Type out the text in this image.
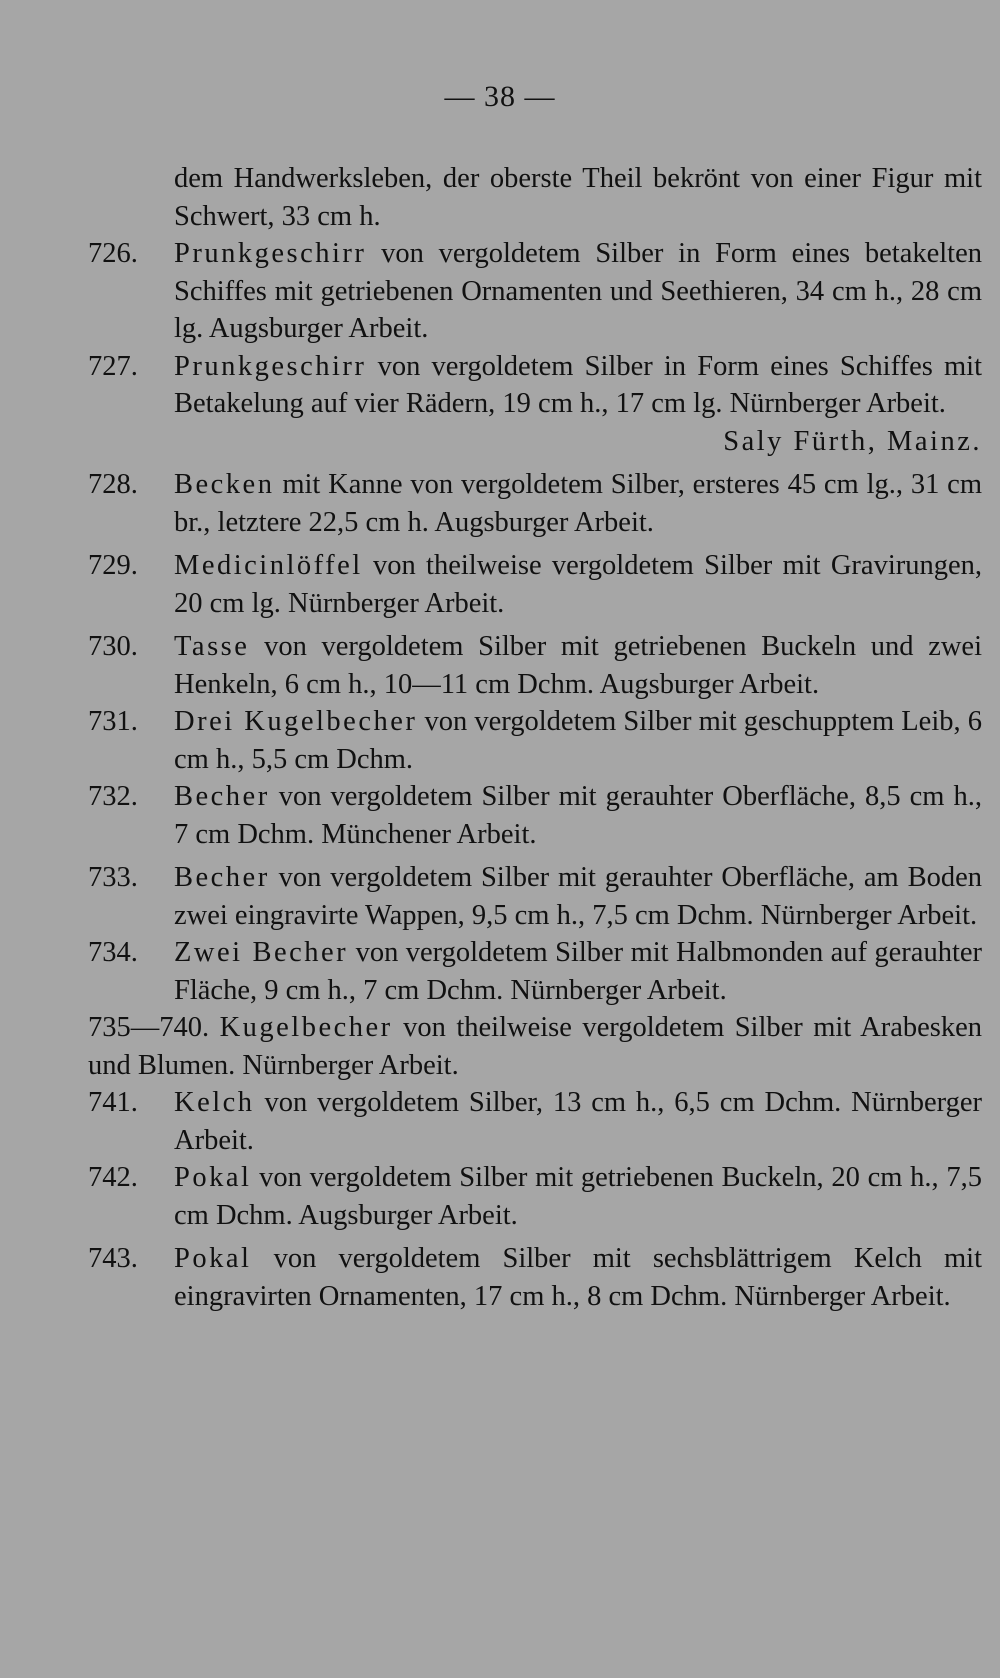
— 38 —
dem Handwerksleben, der oberste Theil bekrönt von einer Figur mit Schwert, 33 cm h.
726. Prunkgeschirr von vergoldetem Silber in Form eines betakelten Schiffes mit getriebenen Ornamenten und Seethieren, 34 cm h., 28 cm lg. Augsburger Arbeit.
727. Prunkgeschirr von vergoldetem Silber in Form eines Schiffes mit Betakelung auf vier Rädern, 19 cm h., 17 cm lg. Nürnberger Arbeit.
Saly Fürth, Mainz.
728. Becken mit Kanne von vergoldetem Silber, ersteres 45 cm lg., 31 cm br., letztere 22,5 cm h. Augsburger Arbeit.
729. Medicinlöffel von theilweise vergoldetem Silber mit Gravirungen, 20 cm lg. Nürnberger Arbeit.
730. Tasse von vergoldetem Silber mit getriebenen Buckeln und zwei Henkeln, 6 cm h., 10—11 cm Dchm. Augsburger Arbeit.
731. Drei Kugelbecher von vergoldetem Silber mit geschupptem Leib, 6 cm h., 5,5 cm Dchm.
732. Becher von vergoldetem Silber mit gerauhter Oberfläche, 8,5 cm h., 7 cm Dchm. Münchener Arbeit.
733. Becher von vergoldetem Silber mit gerauhter Oberfläche, am Boden zwei eingravirte Wappen, 9,5 cm h., 7,5 cm Dchm. Nürnberger Arbeit.
734. Zwei Becher von vergoldetem Silber mit Halbmonden auf gerauhter Fläche, 9 cm h., 7 cm Dchm. Nürnberger Arbeit.
735—740. Kugelbecher von theilweise vergoldetem Silber mit Arabesken und Blumen. Nürnberger Arbeit.
741. Kelch von vergoldetem Silber, 13 cm h., 6,5 cm Dchm. Nürnberger Arbeit.
742. Pokal von vergoldetem Silber mit getriebenen Buckeln, 20 cm h., 7,5 cm Dchm. Augsburger Arbeit.
743. Pokal von vergoldetem Silber mit sechsblättrigem Kelch mit eingravirten Ornamenten, 17 cm h., 8 cm Dchm. Nürnberger Arbeit.
